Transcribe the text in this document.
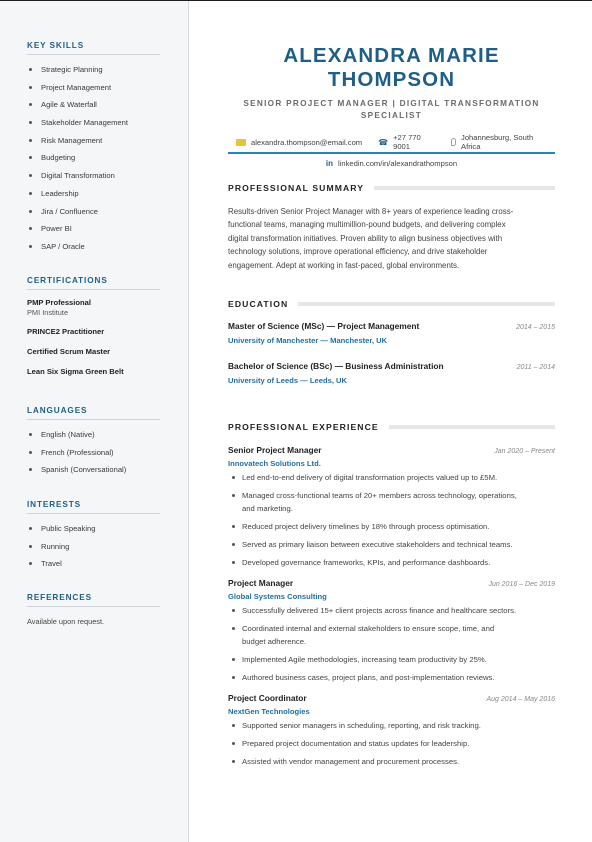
KEY SKILLS
Strategic Planning
Project Management
Agile & Waterfall
Stakeholder Management
Risk Management
Budgeting
Digital Transformation
Leadership
Jira / Confluence
Power BI
SAP / Oracle
CERTIFICATIONS
PMP Professional
PMI Institute
PRINCE2 Practitioner
Certified Scrum Master
Lean Six Sigma Green Belt
LANGUAGES
English (Native)
French (Professional)
Spanish (Conversational)
INTERESTS
Public Speaking
Running
Travel
REFERENCES
Available upon request.
ALEXANDRA MARIE THOMPSON
SENIOR PROJECT MANAGER | DIGITAL TRANSFORMATION
SPECIALIST
alexandra.thompson@email.com ☎ +27 770 9001
Johannesburg, South Africa
in linkedin.com/in/alexandrathompson
PROFESSIONAL SUMMARY
Results-driven Senior Project Manager with 8+ years of experience leading cross-
functional teams, managing multimillion-pound budgets, and delivering complex
digital transformation initiatives. Proven ability to align business objectives with
technology solutions, improve operational efficiency, and drive stakeholder
engagement. Adept at working in fast-paced, global environments.
EDUCATION
Master of Science (MSc) — Project Management	2014 – 2015
University of Manchester — Manchester, UK
Bachelor of Science (BSc) — Business Administration	2011 – 2014
University of Leeds — Leeds, UK
PROFESSIONAL EXPERIENCE
Senior Project Manager	Jan 2020 – Present
Innovatech Solutions Ltd.
Led end-to-end delivery of digital transformation projects valued up to £5M.
Managed cross-functional teams of 20+ members across technology, operations,
and marketing.
Reduced project delivery timelines by 18% through process optimisation.
Served as primary liaison between executive stakeholders and technical teams.
Developed governance frameworks, KPIs, and performance dashboards.
Project Manager	Jun 2016 – Dec 2019
Global Systems Consulting
Successfully delivered 15+ client projects across finance and healthcare sectors.
Coordinated internal and external stakeholders to ensure scope, time, and
budget adherence.
Implemented Agile methodologies, increasing team productivity by 25%.
Authored business cases, project plans, and post-implementation reviews.
Project Coordinator	Aug 2014 – May 2016
NextGen Technologies
Supported senior managers in scheduling, reporting, and risk tracking.
Prepared project documentation and status updates for leadership.
Assisted with vendor management and procurement processes.
